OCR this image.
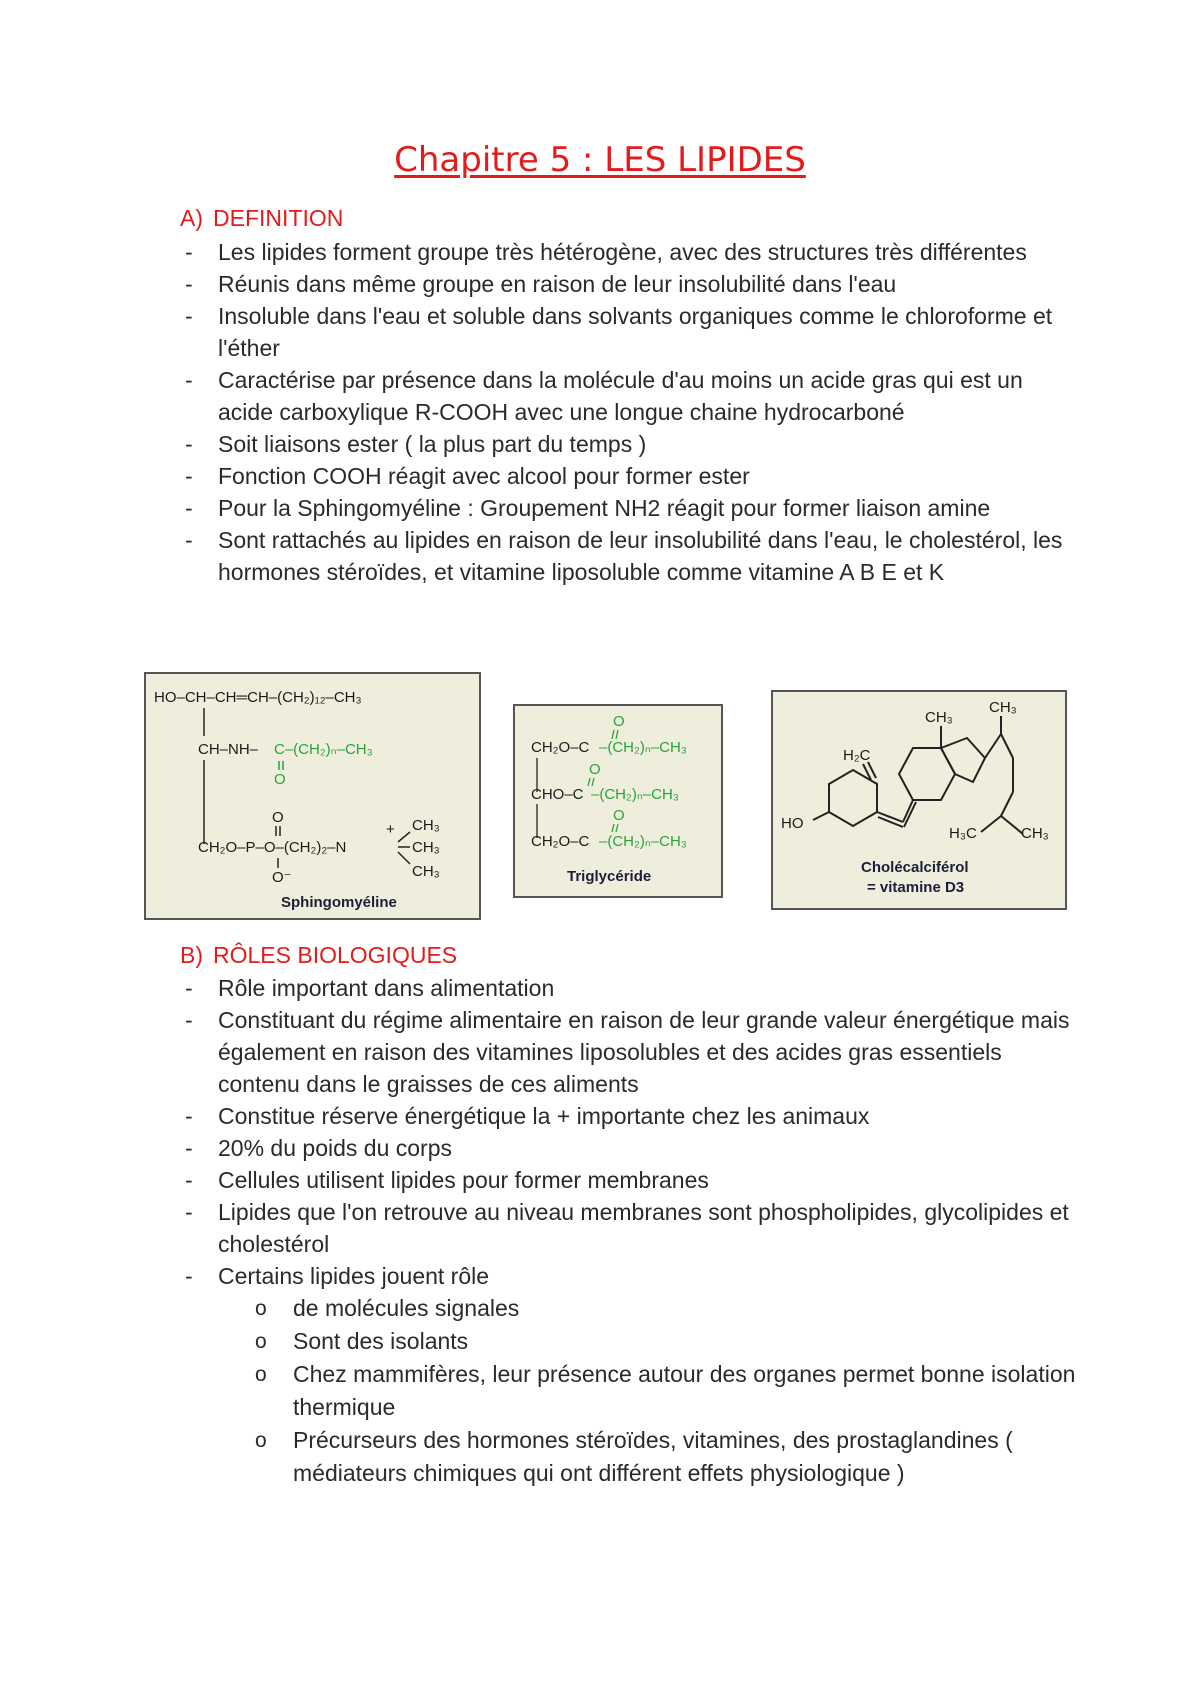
Chapitre 5 : LES LIPIDES
A) DEFINITION
- Les lipides forment groupe très hétérogène, avec des structures très différentes
- Réunis dans même groupe en raison de leur insolubilité dans l'eau
- Insoluble dans l'eau et soluble dans solvants organiques comme le chloroforme et l'éther
- Caractérise par présence dans la molécule d'au moins un acide gras qui est un acide carboxylique R-COOH avec une longue chaine hydrocarboné
- Soit liaisons ester ( la plus part du temps )
- Fonction COOH réagit avec alcool pour former ester
- Pour la Sphingomyéline : Groupement NH2 réagit pour former liaison amine
- Sont rattachés au lipides en raison de leur insolubilité dans l'eau, le cholestérol, les hormones stéroïdes, et vitamine liposoluble comme vitamine A B E et K
HO–CH–CH═CH–(CH₂)₁₂–CH₃
CH–NH– C–(CH₂)ₙ–CH₃
O
O
CH₂O–P–O–(CH₂)₂–N
O⁻
+ CH₃
CH₃
CH₃
Sphingomyéline
O
CH₂O–C –(CH₂)ₙ–CH₃
O
CHO–C –(CH₂)ₙ–CH₃
O
CH₂O–C –(CH₂)ₙ–CH₃
Triglycéride
CH₃
CH₃
H₂C
HO
H₃C	CH₃
Cholécalciférol
= vitamine D3
B) RÔLES BIOLOGIQUES
- Rôle important dans alimentation
- Constituant du régime alimentaire en raison de leur grande valeur énergétique mais également en raison des vitamines liposolubles et des acides gras essentiels contenu dans le graisses de ces aliments
- Constitue réserve énergétique la + importante chez les animaux
- 20% du poids du corps
- Cellules utilisent lipides pour former membranes
- Lipides que l'on retrouve au niveau membranes sont phospholipides, glycolipides et cholestérol
- Certains lipides jouent rôle
o de molécules signales
o Sont des isolants
o Chez mammifères, leur présence autour des organes permet bonne isolation thermique
o Précurseurs des hormones stéroïdes, vitamines, des prostaglandines ( médiateurs chimiques qui ont différent effets physiologique )
